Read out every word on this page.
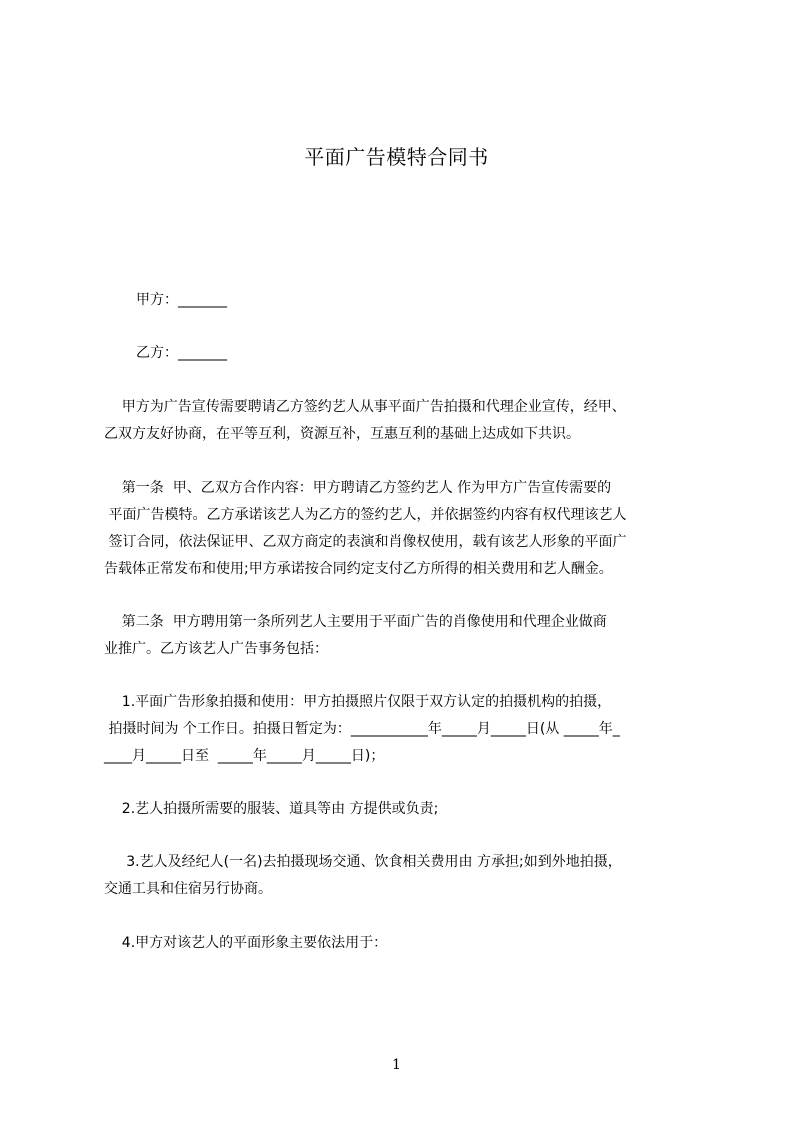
平面广告模特合同书
甲方：_______
乙方：_______
甲方为广告宣传需要聘请乙方签约艺人从事平面广告拍摄和代理企业宣传，经甲、
乙双方友好协商，在平等互利，资源互补，互惠互利的基础上达成如下共识。
第一条  甲、乙双方合作内容：甲方聘请乙方签约艺人 作为甲方广告宣传需要的
平面广告模特。乙方承诺该艺人为乙方的签约艺人，并依据签约内容有权代理该艺人
签订合同，依法保证甲、乙双方商定的表演和肖像权使用，载有该艺人形象的平面广
告载体正常发布和使用;甲方承诺按合同约定支付乙方所得的相关费用和艺人酬金。
第二条  甲方聘用第一条所列艺人主要用于平面广告的肖像使用和代理企业做商
业推广。乙方该艺人广告事务包括：
1.平面广告形象拍摄和使用：甲方拍摄照片仅限于双方认定的拍摄机构的拍摄，
拍摄时间为 个工作日。拍摄日暂定为：___________年_____月_____日(从 _____年_
____月_____日至  _____年_____月_____日)；
2.艺人拍摄所需要的服装、道具等由 方提供或负责;
3.艺人及经纪人(一名)去拍摄现场交通、饮食相关费用由 方承担;如到外地拍摄，
交通工具和住宿另行协商。
4.甲方对该艺人的平面形象主要依法用于：
1
